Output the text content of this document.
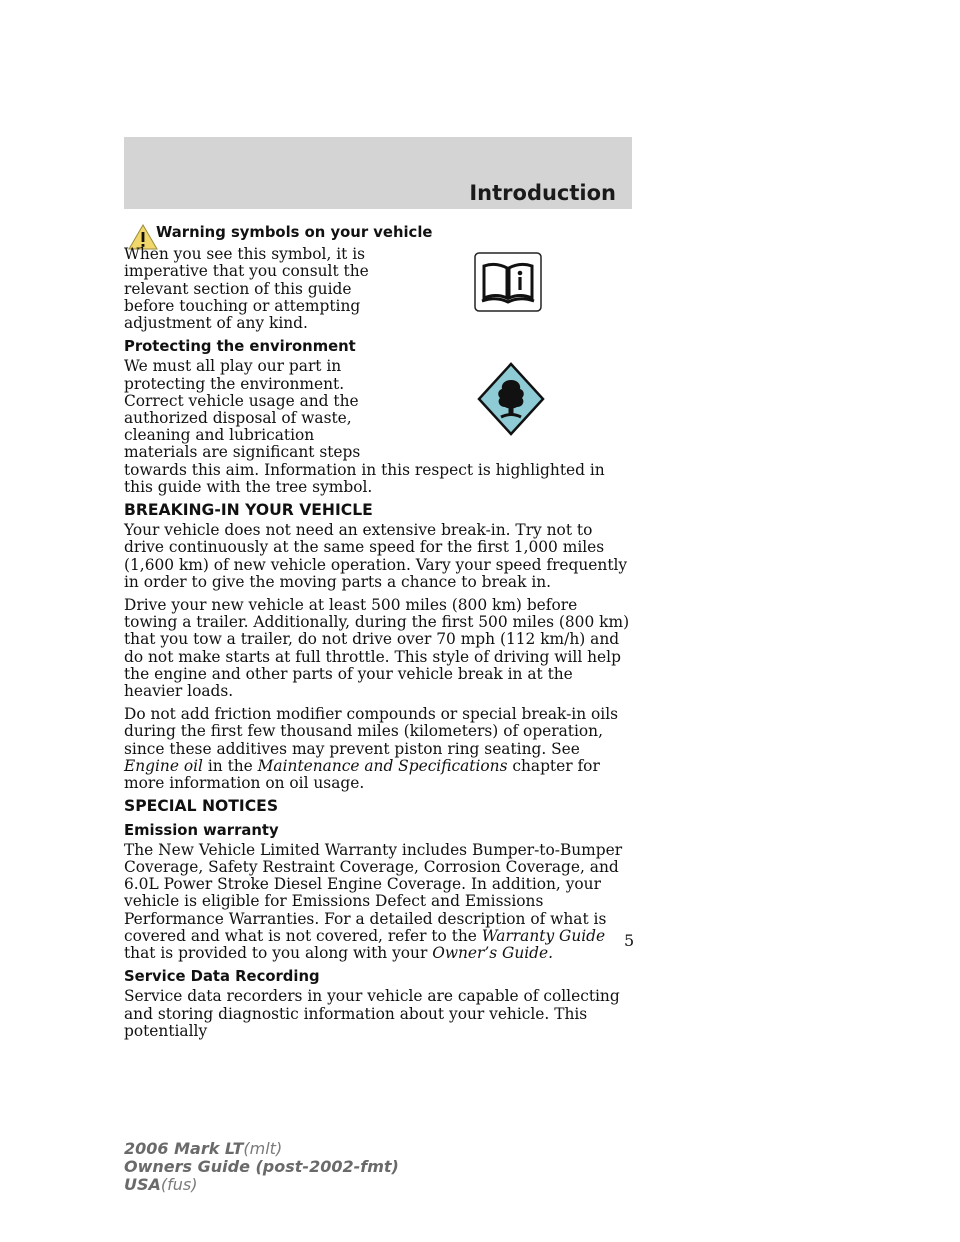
Introduction
Warning symbols on your vehicle

When you see this symbol, it is imperative that you consult the relevant section of this guide before touching or attempting adjustment of any kind.

Protecting the environment

We must all play our part in protecting the environment. Correct vehicle usage and the authorized disposal of waste, cleaning and lubrication materials are significant steps towards this aim. Information in this respect is highlighted in this guide with the tree symbol.

BREAKING-IN YOUR VEHICLE

Your vehicle does not need an extensive break-in. Try not to drive continuously at the same speed for the first 1,000 miles (1,600 km) of new vehicle operation. Vary your speed frequently in order to give the moving parts a chance to break in.

Drive your new vehicle at least 500 miles (800 km) before towing a trailer. Additionally, during the first 500 miles (800 km) that you tow a trailer, do not drive over 70 mph (112 km/h) and do not make starts at full throttle. This style of driving will help the engine and other parts of your vehicle break in at the heavier loads.

Do not add friction modifier compounds or special break-in oils during the first few thousand miles (kilometers) of operation, since these additives may prevent piston ring seating. See Engine oil in the Maintenance and Specifications chapter for more information on oil usage.

SPECIAL NOTICES
Emission warranty

The New Vehicle Limited Warranty includes Bumper-to-Bumper Coverage, Safety Restraint Coverage, Corrosion Coverage, and 6.0L Power Stroke Diesel Engine Coverage. In addition, your vehicle is eligible for Emissions Defect and Emissions Performance Warranties. For a detailed description of what is covered and what is not covered, refer to the Warranty Guide that is provided to you along with your Owner’s Guide.

Service Data Recording

Service data recorders in your vehicle are capable of collecting and storing diagnostic information about your vehicle. This potentially

5
2006 Mark LT(mlt)
Owners Guide (post-2002-fmt)
USA(fus)
